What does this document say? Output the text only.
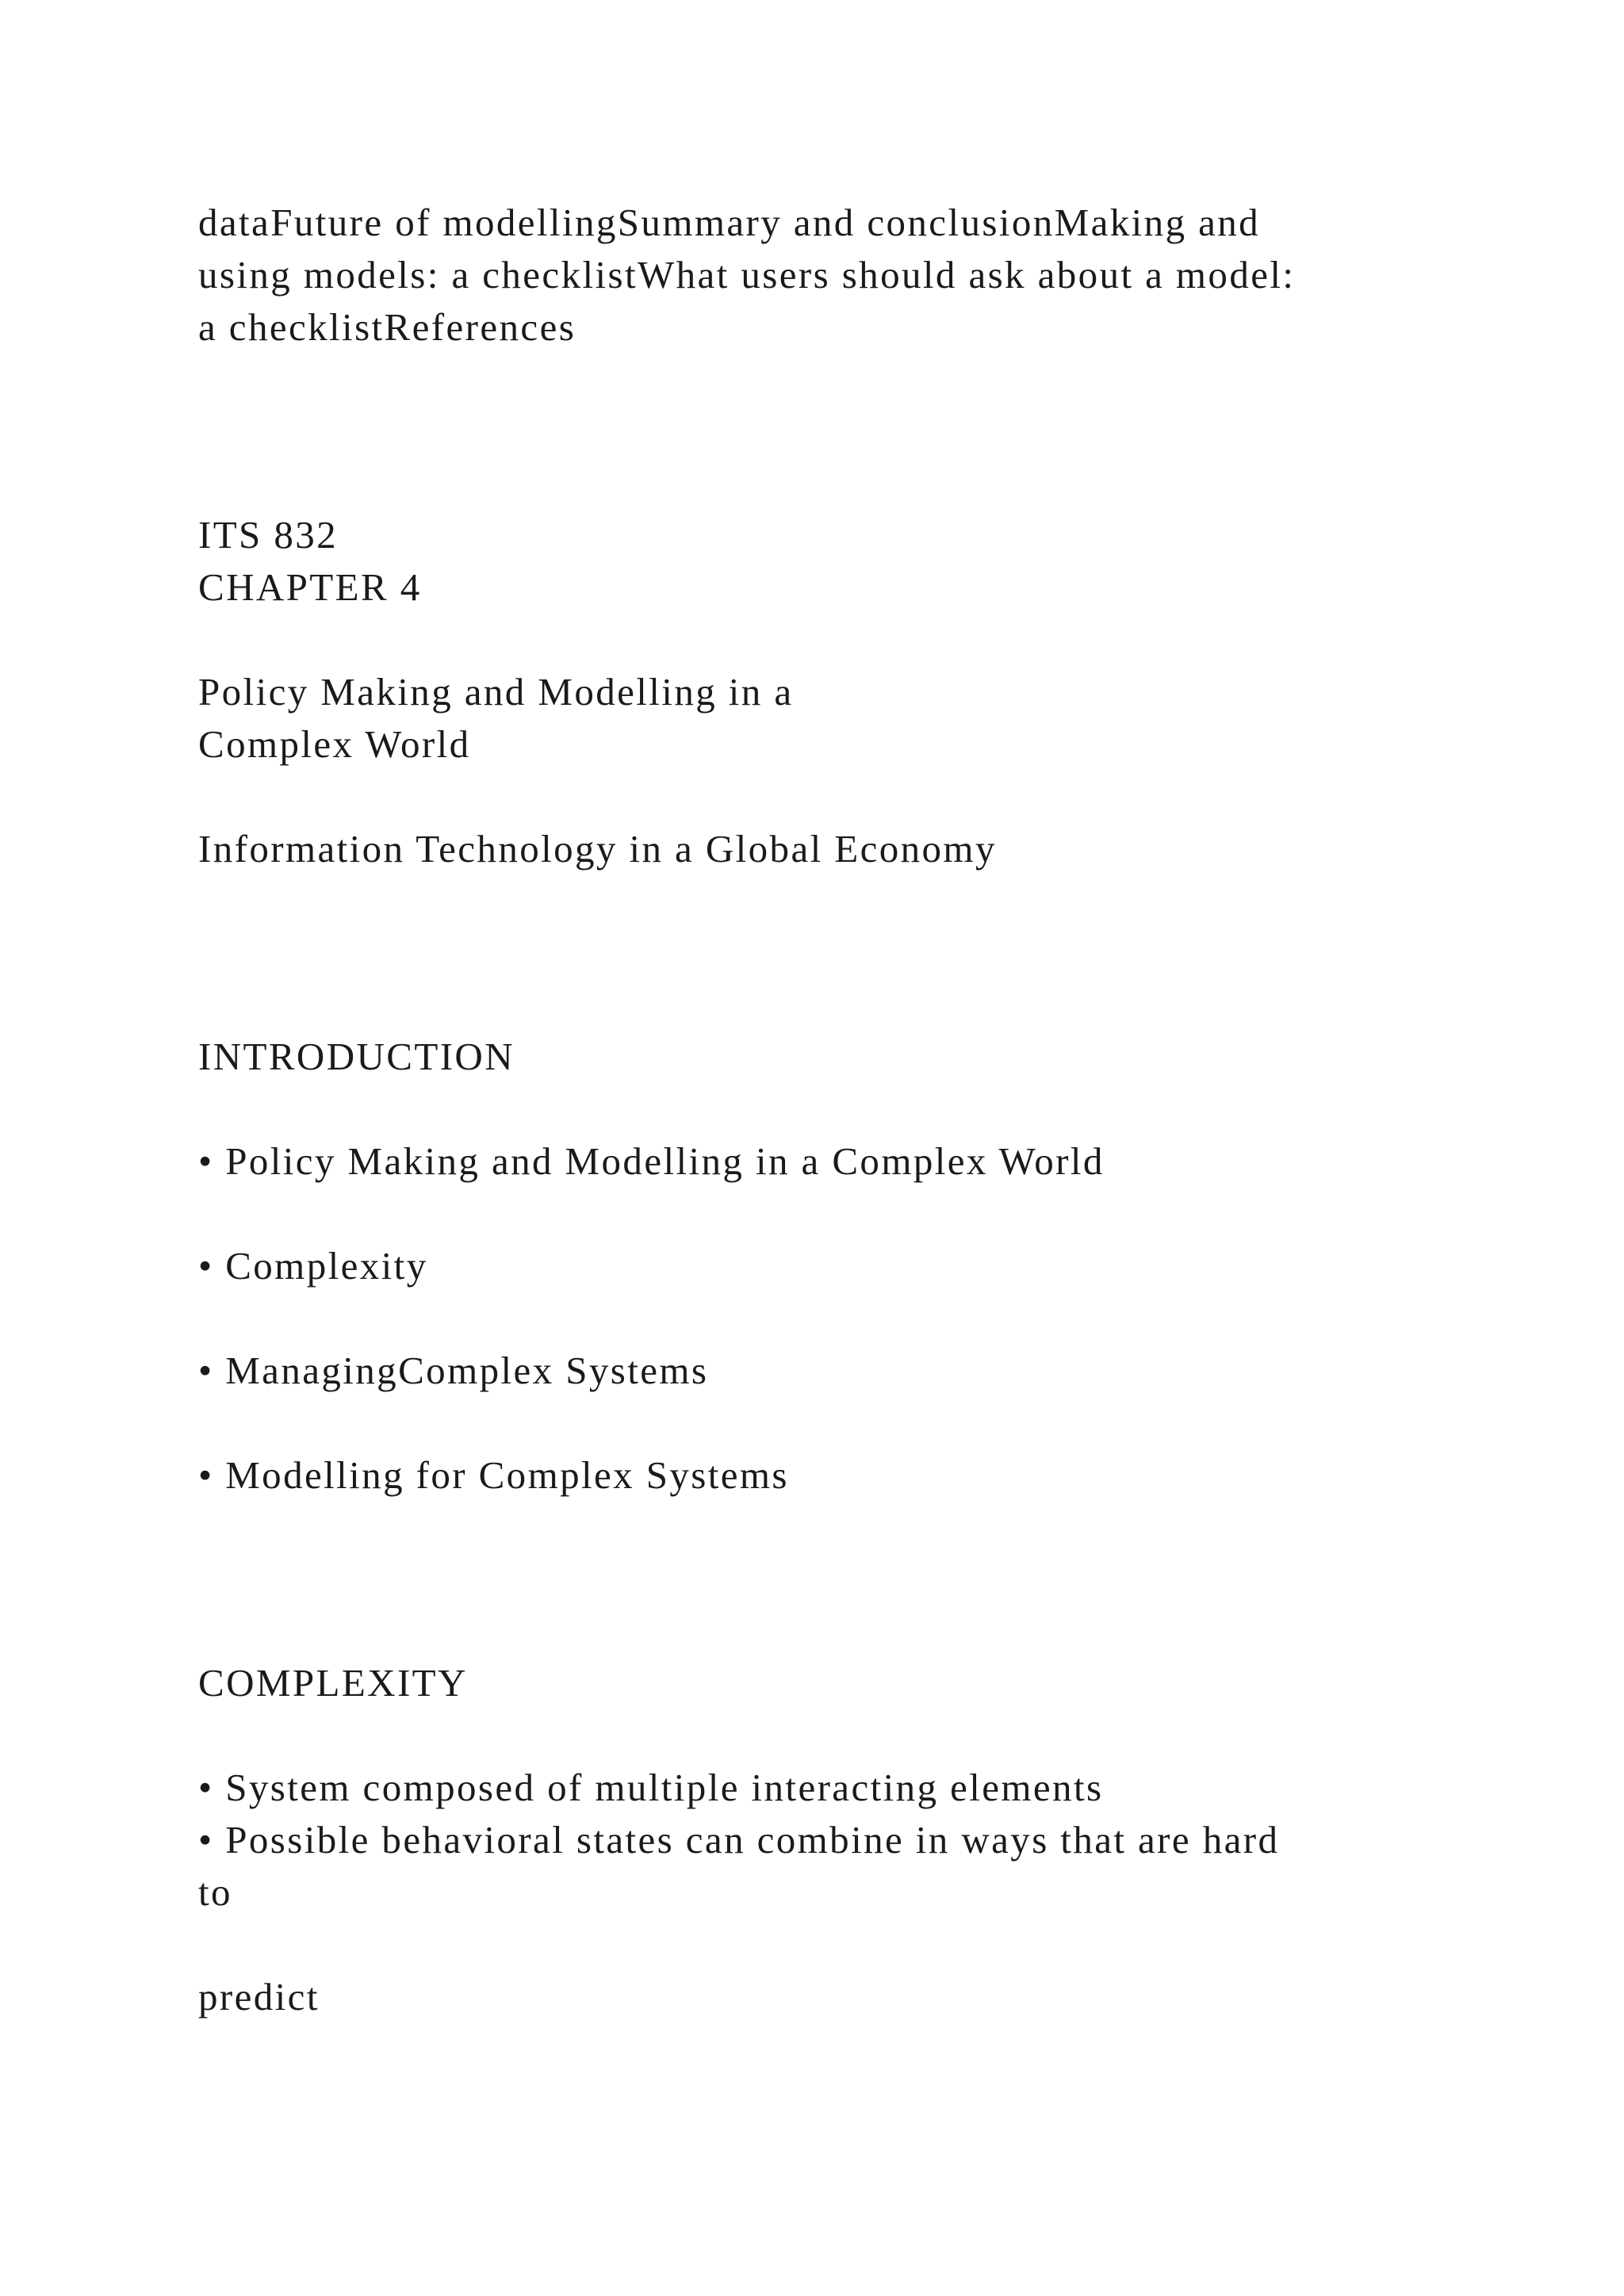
dataFuture of modellingSummary and conclusionMaking and

using models: a checklistWhat users should ask about a model:

a checklistReferences

ITS 832

CHAPTER 4

Policy Making and Modelling in a

Complex World

Information Technology in a Global Economy

INTRODUCTION

• Policy Making and Modelling in a Complex World

• Complexity

• ManagingComplex Systems

• Modelling for Complex Systems

COMPLEXITY

• System composed of multiple interacting elements

• Possible behavioral states can combine in ways that are hard

to

predict
